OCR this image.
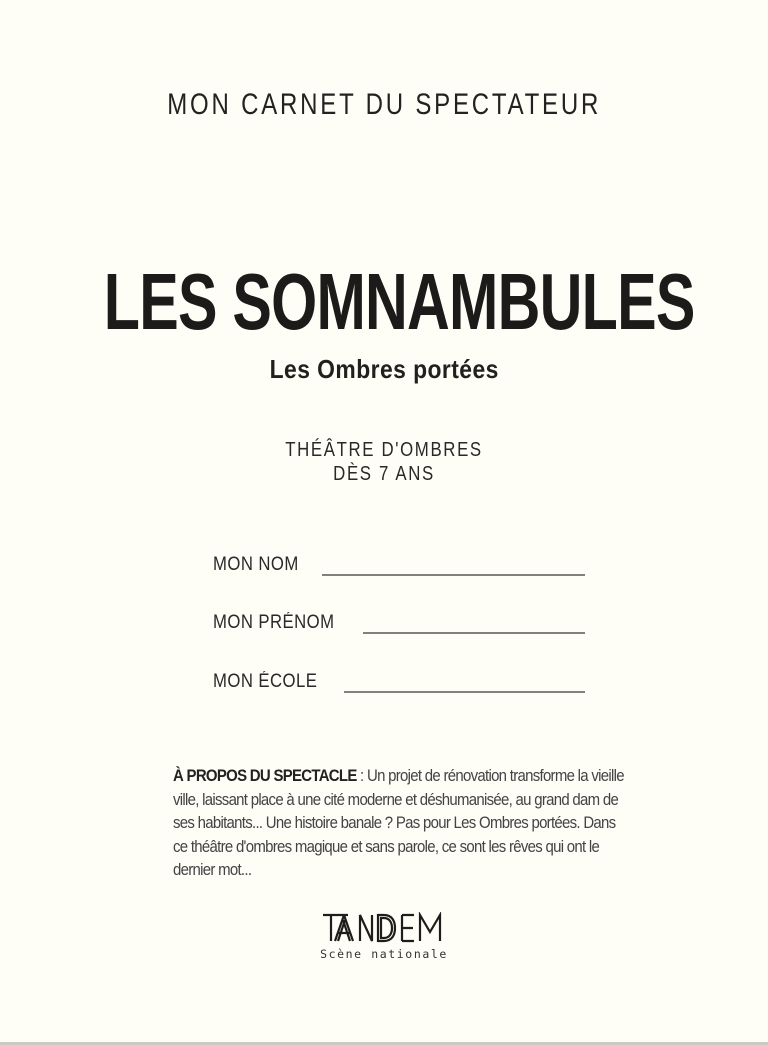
MON CARNET DU SPECTATEUR
LES SOMNAMBULES
Les Ombres portées
THÉÂTRE D'OMBRES
DÈS 7 ANS
MON NOM
MON PRÉNOM
MON ÉCOLE

À PROPOS DU SPECTACLE : Un projet de rénovation transforme la vieille ville, laissant place à une cité moderne et déshumanisée, au grand dam de ses habitants... Une histoire banale ? Pas pour Les Ombres portées. Dans ce théâtre d'ombres magique et sans parole, ce sont les rêves qui ont le dernier mot...

Scène nationale
